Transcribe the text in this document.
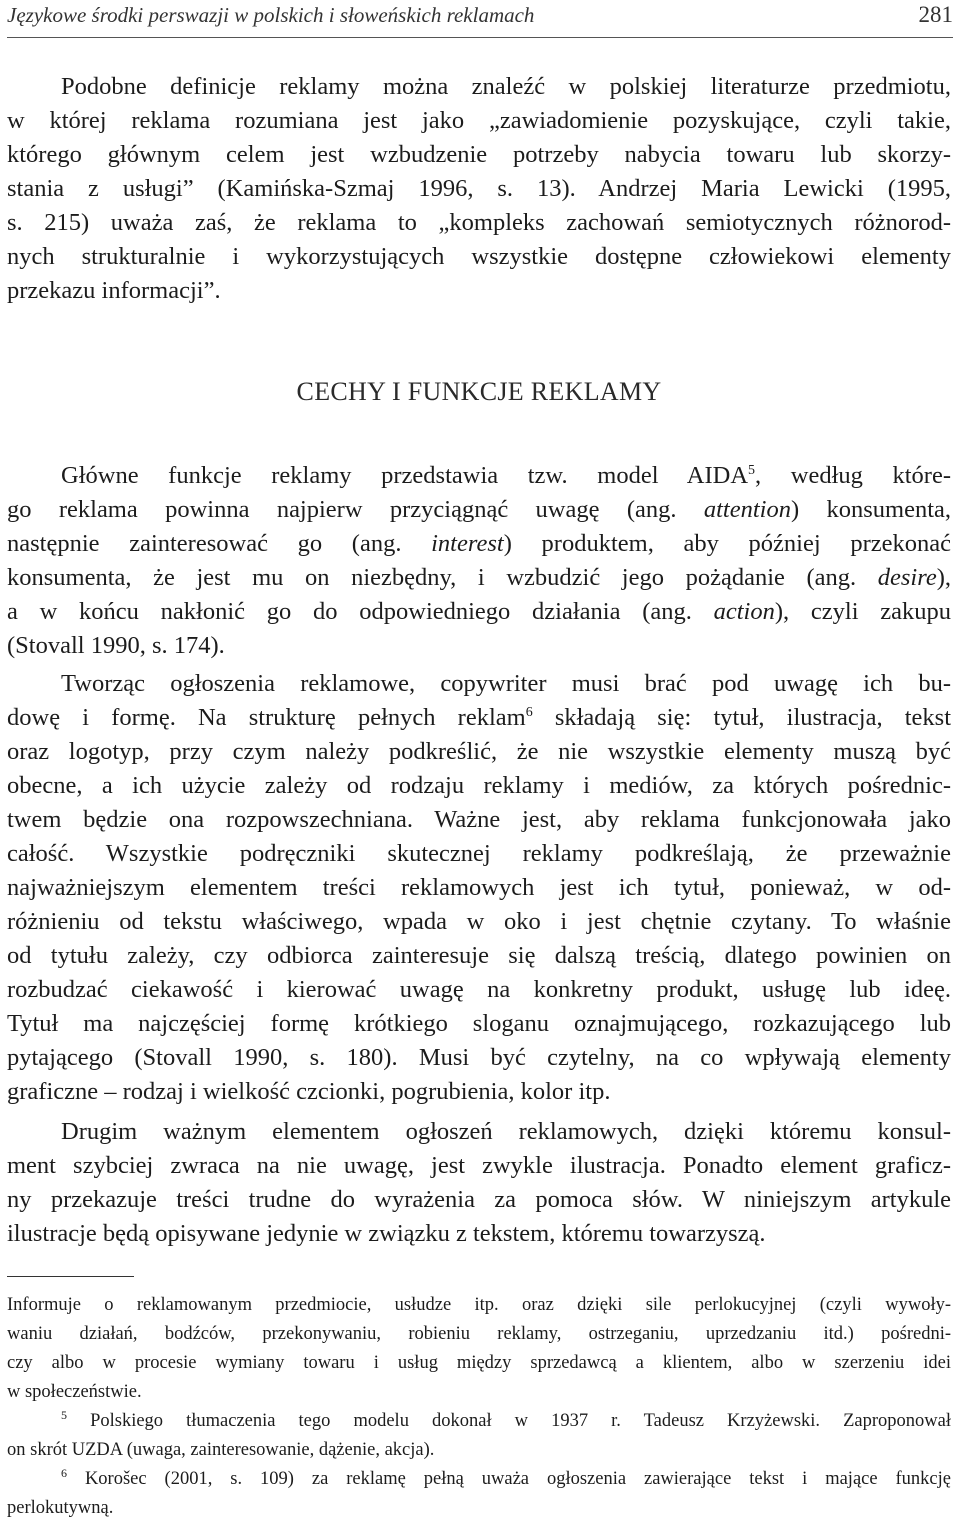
Językowe środki perswazji w polskich i słoweńskich reklamach	281
Podobne definicje reklamy można znaleźć w polskiej literaturze przedmiotu,
w której reklama rozumiana jest jako „zawiadomienie pozyskujące, czyli takie,
którego głównym celem jest wzbudzenie potrzeby nabycia towaru lub skorzy-
stania z usługi” (Kamińska-Szmaj 1996, s. 13). Andrzej Maria Lewicki (1995,
s. 215) uważa zaś, że reklama to „kompleks zachowań semiotycznych różnorod-
nych strukturalnie i wykorzystujących wszystkie dostępne człowiekowi elementy
przekazu informacji”.
CECHY I FUNKCJE REKLAMY
Główne funkcje reklamy przedstawia tzw. model AIDA$^5$, według które-
go reklama powinna najpierw przyciągnąć uwagę (ang. attention) konsumenta,
następnie zainteresować go (ang. interest) produktem, aby później przekonać
konsumenta, że jest mu on niezbędny, i wzbudzić jego pożądanie (ang. desire),
a w końcu nakłonić go do odpowiedniego działania (ang. action), czyli zakupu
(Stovall 1990, s. 174).
Tworząc ogłoszenia reklamowe, copywriter musi brać pod uwagę ich bu-
dowę i formę. Na strukturę pełnych reklam$^6$ składają się: tytuł, ilustracja, tekst
oraz logotyp, przy czym należy podkreślić, że nie wszystkie elementy muszą być
obecne, a ich użycie zależy od rodzaju reklamy i mediów, za których pośrednic-
twem będzie ona rozpowszechniana. Ważne jest, aby reklama funkcjonowała jako
całość. Wszystkie podręczniki skutecznej reklamy podkreślają, że przeważnie
najważniejszym elementem treści reklamowych jest ich tytuł, ponieważ, w od-
różnieniu od tekstu właściwego, wpada w oko i jest chętnie czytany. To właśnie
od tytułu zależy, czy odbiorca zainteresuje się dalszą treścią, dlatego powinien on
rozbudzać ciekawość i kierować uwagę na konkretny produkt, usługę lub ideę.
Tytuł ma najczęściej formę krótkiego sloganu oznajmującego, rozkazującego lub
pytającego (Stovall 1990, s. 180). Musi być czytelny, na co wpływają elementy
graficzne – rodzaj i wielkość czcionki, pogrubienia, kolor itp.
Drugim ważnym elementem ogłoszeń reklamowych, dzięki któremu konsul-
ment szybciej zwraca na nie uwagę, jest zwykle ilustracja. Ponadto element graficz-
ny przekazuje treści trudne do wyrażenia za pomoca słów. W niniejszym artykule
ilustracje będą opisywane jedynie w związku z tekstem, któremu towarzyszą.
Informuje o reklamowanym przedmiocie, usłudze itp. oraz dzięki sile perlokucyjnej (czyli wywoły-
waniu działań, bodźców, przekonywaniu, robieniu reklamy, ostrzeganiu, uprzedzaniu itd.) pośredni-
czy albo w procesie wymiany towaru i usług między sprzedawcą a klientem, albo w szerzeniu idei
w społeczeństwie.
$^5$ Polskiego tłumaczenia tego modelu dokonał w 1937 r. Tadeusz Krzyżewski. Zaproponował
on skrót UZDA (uwaga, zainteresowanie, dążenie, akcja).
$^6$ Korošec (2001, s. 109) za reklamę pełną uważa ogłoszenia zawierające tekst i mające funkcję
perlokutywną.
